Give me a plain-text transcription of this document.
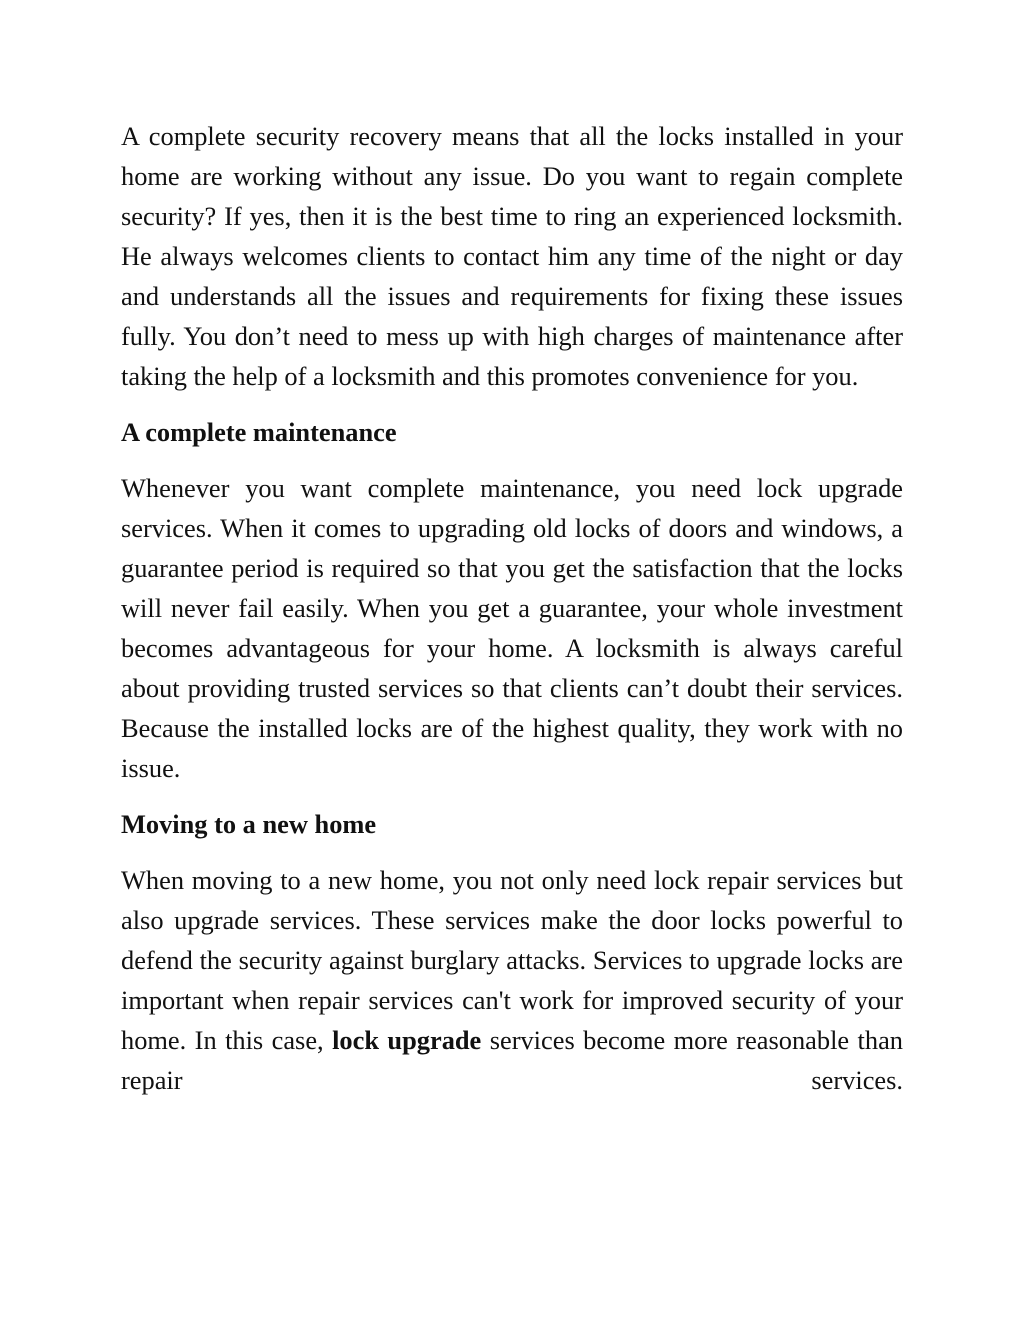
A complete security recovery means that all the locks installed in your home are working without any issue. Do you want to regain complete security? If yes, then it is the best time to ring an experienced locksmith. He always welcomes clients to contact him any time of the night or day and understands all the issues and requirements for fixing these issues fully. You don’t need to mess up with high charges of maintenance after taking the help of a locksmith and this promotes convenience for you.

A complete maintenance

Whenever you want complete maintenance, you need lock upgrade services. When it comes to upgrading old locks of doors and windows, a guarantee period is required so that you get the satisfaction that the locks will never fail easily. When you get a guarantee, your whole investment becomes advantageous for your home. A locksmith is always careful about providing trusted services so that clients can’t doubt their services. Because the installed locks are of the highest quality, they work with no issue.

Moving to a new home

When moving to a new home, you not only need lock repair services but also upgrade services. These services make the door locks powerful to defend the security against burglary attacks. Services to upgrade locks are important when repair services can't work for improved security of your home. In this case, lock upgrade services become more reasonable than repair services.
